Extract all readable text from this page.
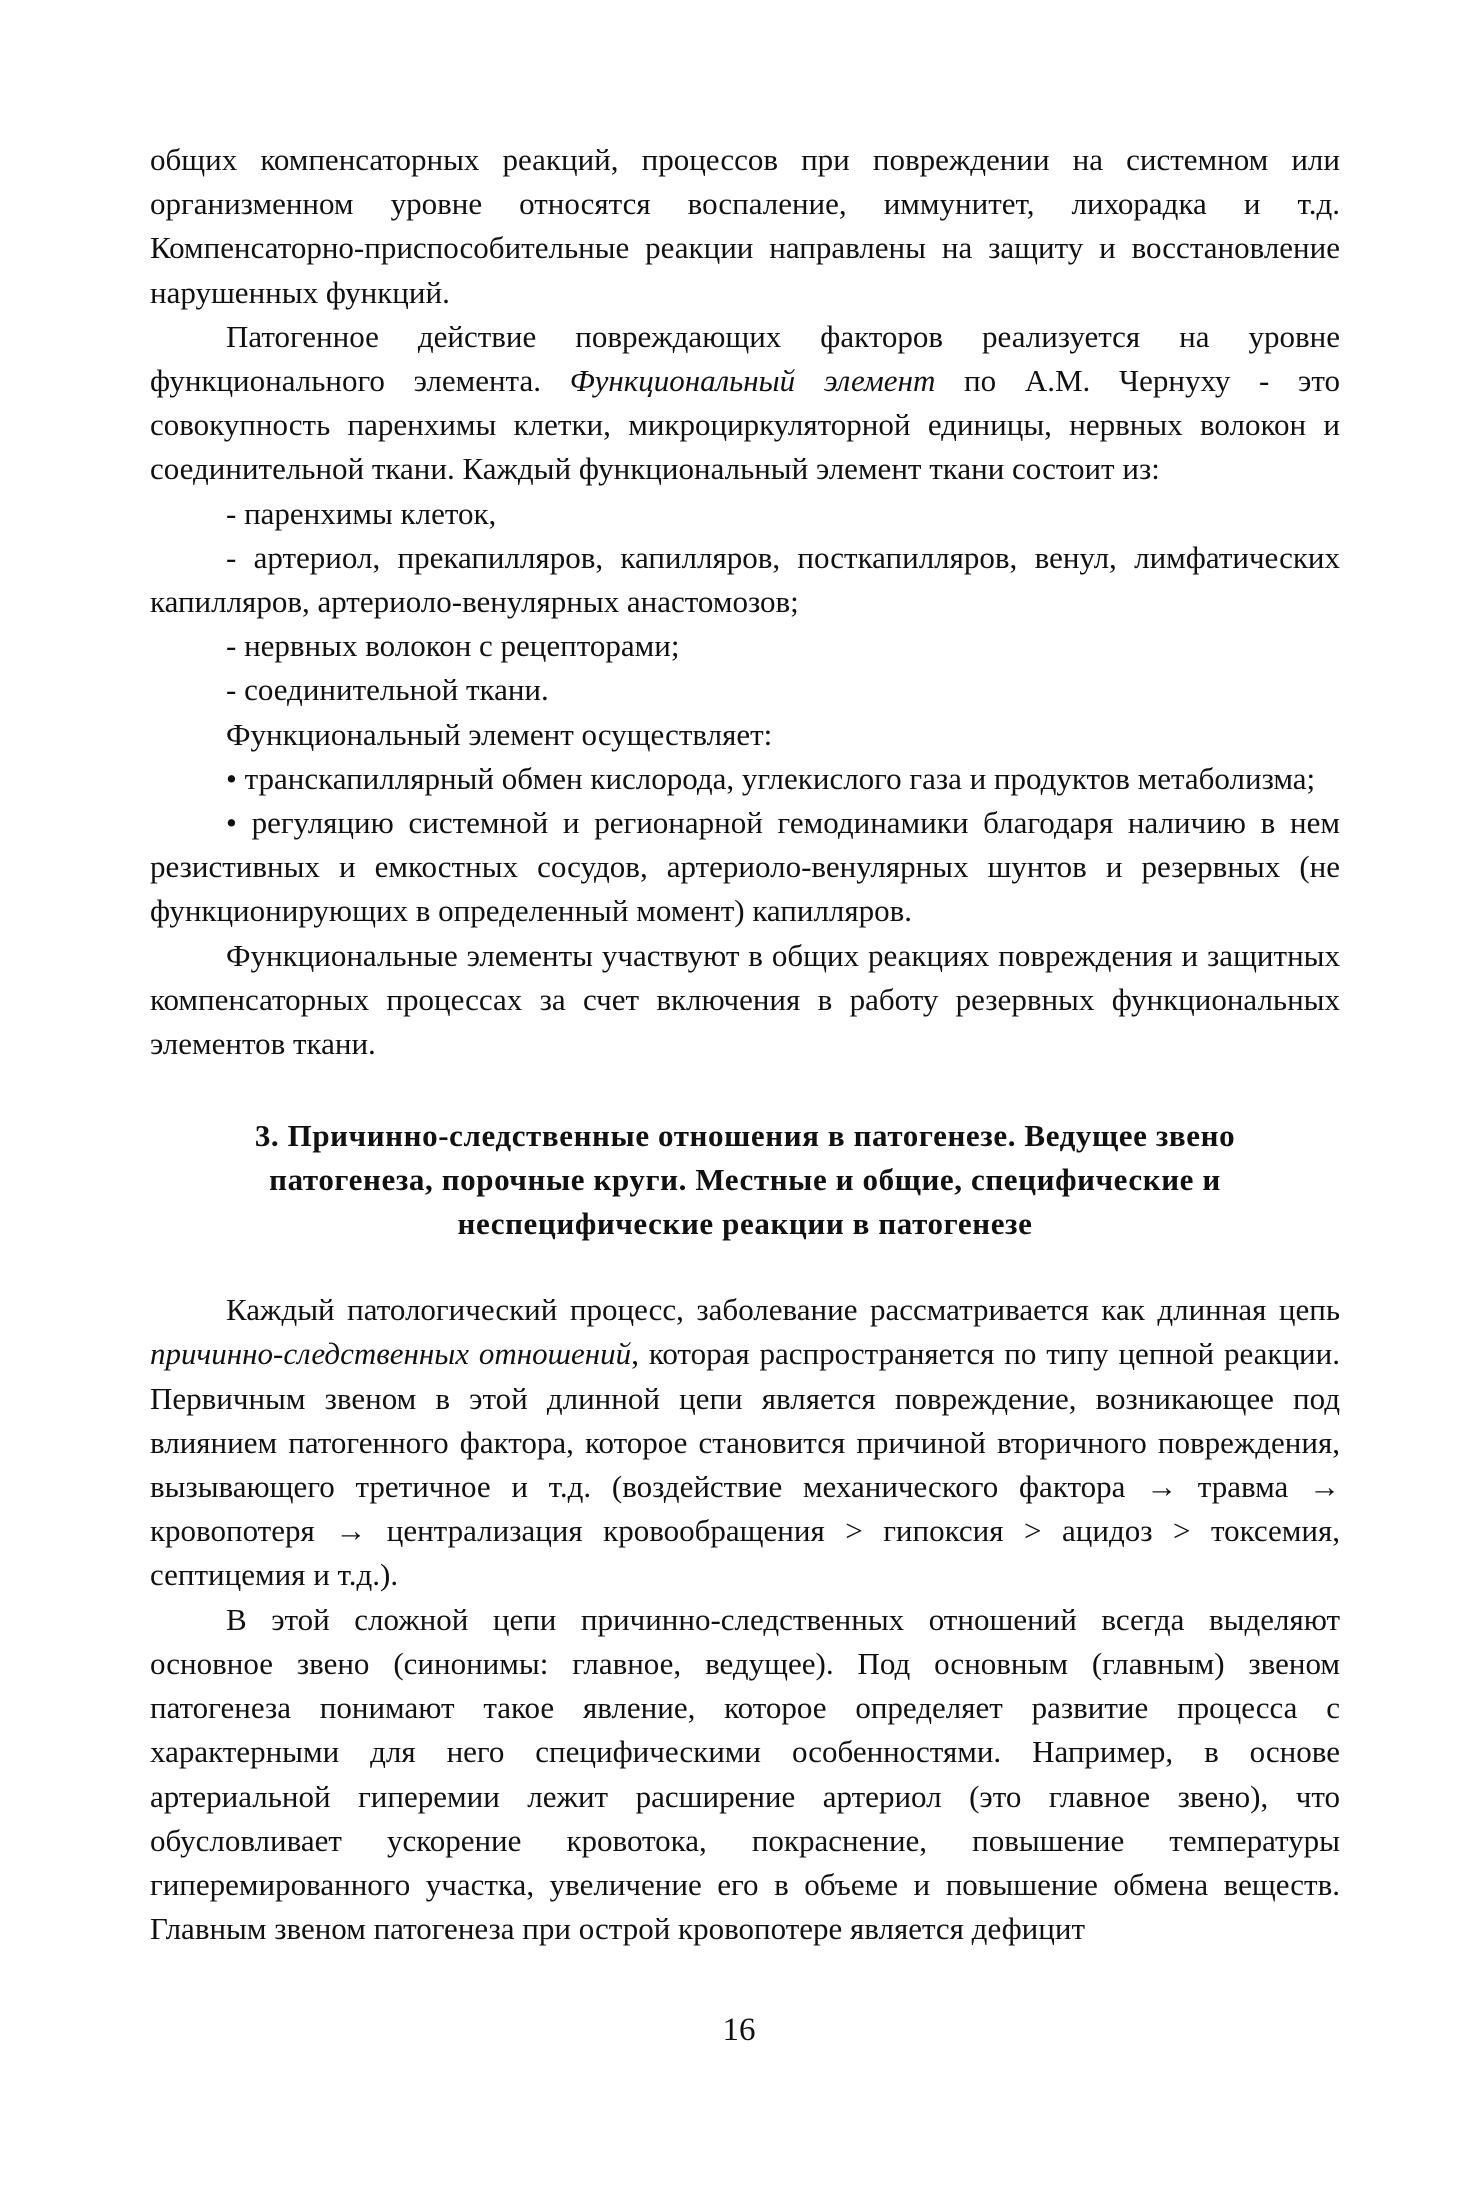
общих компенсаторных реакций, процессов при повреждении на системном или организменном уровне относятся воспаление, иммунитет, лихорадка и т.д. Компенсаторно-приспособительные реакции направлены на защиту и восстановление нарушенных функций.

Патогенное действие повреждающих факторов реализуется на уровне функционального элемента. Функциональный элемент по А.М. Чернуху - это совокупность паренхимы клетки, микроциркуляторной единицы, нервных волокон и соединительной ткани. Каждый функциональный элемент ткани состоит из:

- паренхимы клеток,

- артериол, прекапилляров, капилляров, посткапилляров, венул, лимфатических капилляров, артериоло-венулярных анастомозов;

- нервных волокон с рецепторами;

- соединительной ткани.

Функциональный элемент осуществляет:

• транскапиллярный обмен кислорода, углекислого газа и продуктов метаболизма;

• регуляцию системной и регионарной гемодинамики благодаря наличию в нем резистивных и емкостных сосудов, артериоло-венулярных шунтов и резервных (не функционирующих в определенный момент) капилляров.

Функциональные элементы участвуют в общих реакциях повреждения и защитных компенсаторных процессах за счет включения в работу резервных функциональных элементов ткани.

3. Причинно-следственные отношения в патогенезе. Ведущее звено
патогенеза, порочные круги. Местные и общие, специфические и
неспецифические реакции в патогенезе

Каждый патологический процесс, заболевание рассматривается как длинная цепь причинно-следственных отношений, которая распространяется по типу цепной реакции. Первичным звеном в этой длинной цепи является повреждение, возникающее под влиянием патогенного фактора, которое становится причиной вторичного повреждения, вызывающего третичное и т.д. (воздействие механического фактора → травма → кровопотеря → централизация кровообращения > гипоксия > ацидоз > токсемия, септицемия и т.д.).

В этой сложной цепи причинно-следственных отношений всегда выделяют основное звено (синонимы: главное, ведущее). Под основным (главным) звеном патогенеза понимают такое явление, которое определяет развитие процесса с характерными для него специфическими особенностями. Например, в основе артериальной гиперемии лежит расширение артериол (это главное звено), что обусловливает ускорение кровотока, покраснение, повышение температуры гиперемированного участка, увеличение его в объеме и повышение обмена веществ. Главным звеном патогенеза при острой кровопотере является дефицит

16
